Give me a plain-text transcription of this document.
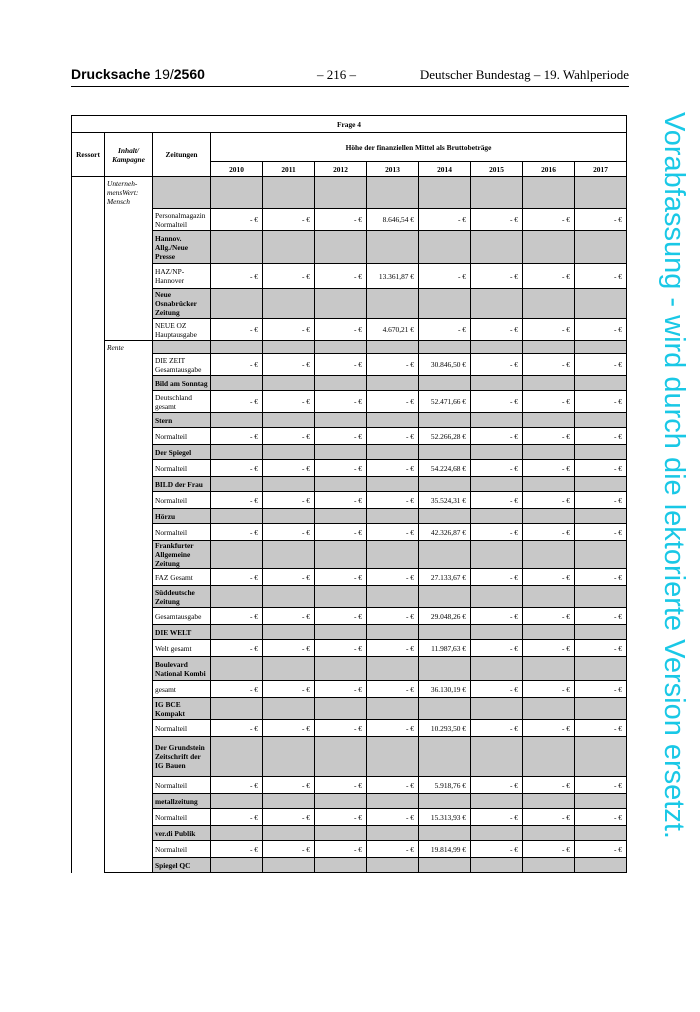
Drucksache 19/2560	– 216 –	Deutscher Bundestag – 19. Wahlperiode
Vorabfassung - wird durch die lektorierte Version ersetzt.
Frage 4										
Ressort	Inhalt/ Kampagne	Zeitungen	Höhe der finanziellen Mittel als Bruttobeträge							
			2010	2011	2012	2013	2014	2015	2016	2017
	Unterneh-mensWert: Mensch									
		Personalmagazin Normalteil	- €	- €	- €	8.646,54 €	- €	- €	- €	- €
		Hannov. Allg./Neue Presse								
		HAZ/NP-Hannover	- €	- €	- €	13.361,87 €	- €	- €	- €	- €
		Neue Osnabrücker Zeitung								
		NEUE OZ Hauptausgabe	- €	- €	- €	4.670,21 €	- €	- €	- €	- €
	Rente									
		DIE ZEIT Gesamtausgabe	- €	- €	- €	- €	30.846,50 €	- €	- €	- €
		Bild am Sonntag								
		Deutschland gesamt	- €	- €	- €	- €	52.471,66 €	- €	- €	- €
		Stern								
		Normalteil	- €	- €	- €	- €	52.266,28 €	- €	- €	- €
		Der Spiegel								
		Normalteil	- €	- €	- €	- €	54.224,68 €	- €	- €	- €
		BILD der Frau								
		Normalteil	- €	- €	- €	- €	35.524,31 €	- €	- €	- €
		Hörzu								
		Normalteil	- €	- €	- €	- €	42.326,87 €	- €	- €	- €
		Frankfurter Allgemeine Zeitung								
		FAZ Gesamt	- €	- €	- €	- €	27.133,67 €	- €	- €	- €
		Süddeutsche Zeitung								
		Gesamtausgabe	- €	- €	- €	- €	29.048,26 €	- €	- €	- €
		DIE WELT								
		Welt gesamt	- €	- €	- €	- €	11.987,63 €	- €	- €	- €
		Boulevard National Kombi								
		gesamt	- €	- €	- €	- €	36.130,19 €	- €	- €	- €
		IG BCE Kompakt								
		Normalteil	- €	- €	- €	- €	10.293,50 €	- €	- €	- €
		Der Grundstein Zeitschrift der IG Bauen								
		Normalteil	- €	- €	- €	- €	5.918,76 €	- €	- €	- €
		metallzeitung								
		Normalteil	- €	- €	- €	- €	15.313,93 €	- €	- €	- €
		ver.di Publik								
		Normalteil	- €	- €	- €	- €	19.814,99 €	- €	- €	- €
		Spiegel QC								
